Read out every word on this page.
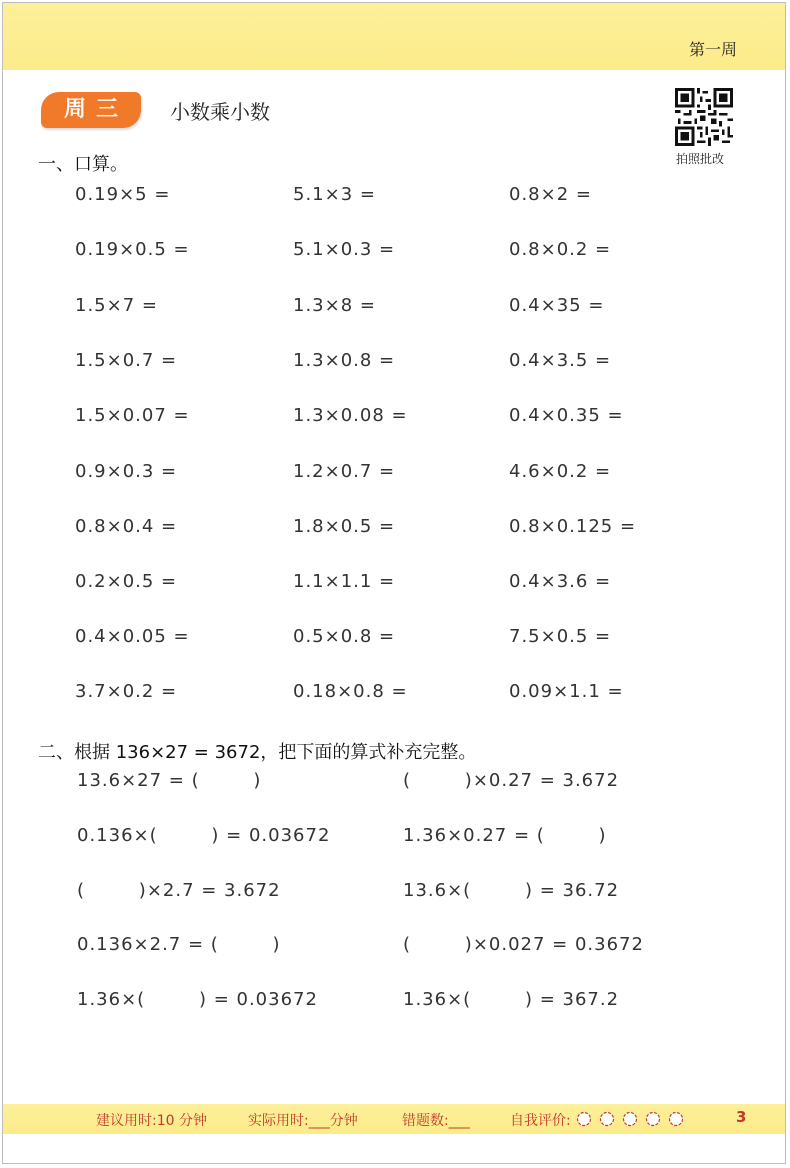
第一周
周三	小数乘小数
拍照批改
一、口算。
0.19×5 =	5.1×3 =	0.8×2 =
0.19×0.5 =	5.1×0.3 =	0.8×0.2 =
1.5×7 =	1.3×8 =	0.4×35 =
1.5×0.7 =	1.3×0.8 =	0.4×3.5 =
1.5×0.07 =	1.3×0.08 =	0.4×0.35 =
0.9×0.3 =	1.2×0.7 =	4.6×0.2 =
0.8×0.4 =	1.8×0.5 =	0.8×0.125 =
0.2×0.5 =	1.1×1.1 =	0.4×3.6 =
0.4×0.05 =	0.5×0.8 =	7.5×0.5 =
3.7×0.2 =	0.18×0.8 =	0.09×1.1 =
二、根据 136×27 = 3672，把下面的算式补充完整。
13.6×27 = (        )	(        )×0.27 = 3.672
0.136×(        ) = 0.03672	1.36×0.27 = (        )
(        )×2.7 = 3.672	13.6×(        ) = 36.72
0.136×2.7 = (        )	(        )×0.027 = 0.3672
1.36×(        ) = 0.03672	1.36×(        ) = 367.2
建议用时:10 分钟	实际用时:___分钟	错题数:___	自我评价:
	3
